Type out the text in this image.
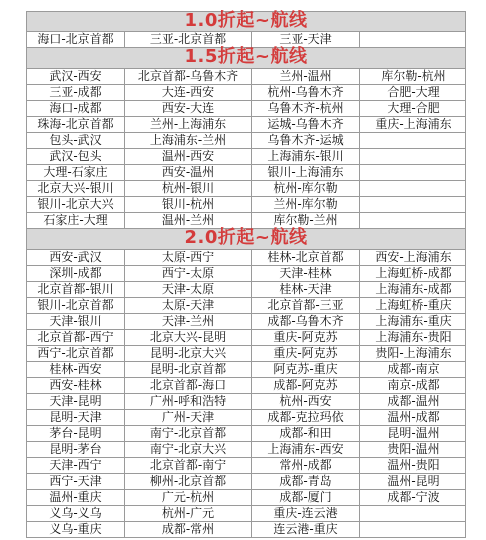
1.0折起~航线
海口-北京首都	三亚-北京首都	三亚-天津
1.5折起~航线
武汉-西安	北京首都-乌鲁木齐	兰州-温州	库尔勒-杭州
三亚-成都	大连-西安	杭州-乌鲁木齐	合肥-大理
海口-成都	西安-大连	乌鲁木齐-杭州	大理-合肥
珠海-北京首都	兰州-上海浦东	运城-乌鲁木齐	重庆-上海浦东
包头-武汉	上海浦东-兰州	乌鲁木齐-运城
武汉-包头	温州-西安	上海浦东-银川
大理-石家庄	西安-温州	银川-上海浦东
北京大兴-银川	杭州-银川	杭州-库尔勒
银川-北京大兴	银川-杭州	兰州-库尔勒
石家庄-大理	温州-兰州	库尔勒-兰州
2.0折起~航线
西安-武汉	太原-西宁	桂林-北京首都	西安-上海浦东
深圳-成都	西宁-太原	天津-桂林	上海虹桥-成都
北京首都-银川	天津-太原	桂林-天津	上海浦东-成都
银川-北京首都	太原-天津	北京首都-三亚	上海虹桥-重庆
天津-银川	天津-兰州	成都-乌鲁木齐	上海浦东-重庆
北京首都-西宁	北京大兴-昆明	重庆-阿克苏	上海浦东-贵阳
西宁-北京首都	昆明-北京大兴	重庆-阿克苏	贵阳-上海浦东
桂林-西安	昆明-北京首都	阿克苏-重庆	成都-南京
西安-桂林	北京首都-海口	成都-阿克苏	南京-成都
天津-昆明	广州-呼和浩特	杭州-西安	成都-温州
昆明-天津	广州-天津	成都-克拉玛依	温州-成都
茅台-昆明	南宁-北京首都	成都-和田	昆明-温州
昆明-茅台	南宁-北京大兴	上海浦东-西安	贵阳-温州
天津-西宁	北京首都-南宁	常州-成都	温州-贵阳
西宁-天津	柳州-北京首都	成都-青岛	温州-昆明
温州-重庆	广元-杭州	成都-厦门	成都-宁波
义乌-义乌	杭州-广元	重庆-连云港
义乌-重庆	成都-常州	连云港-重庆
